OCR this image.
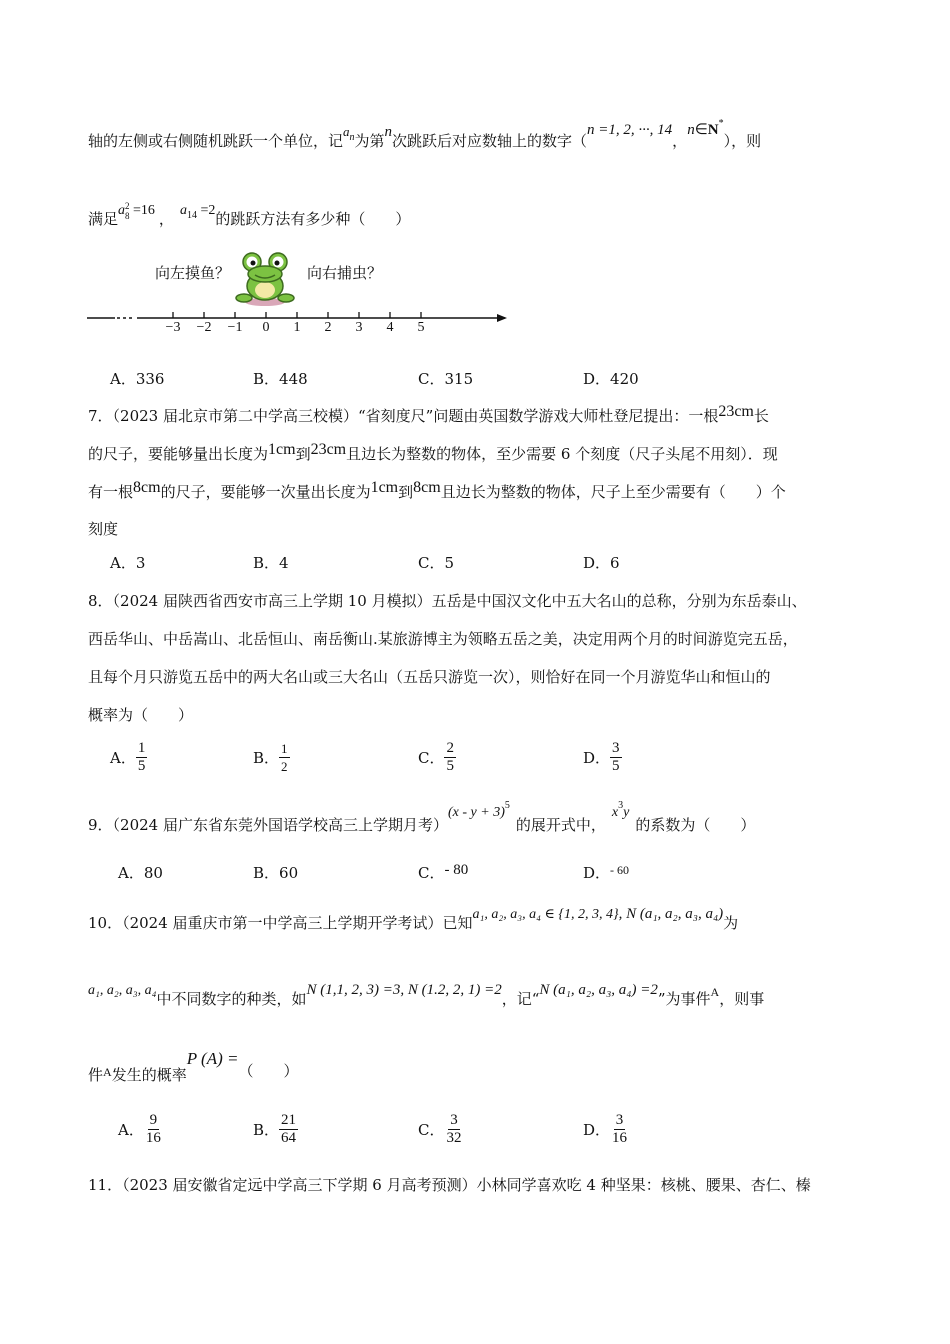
轴的左侧或右侧随机跳跃一个单位，记$a^n$为第n次跳跃后对应数轴上的数字（n =1, 2, ···, 14，n∈N*），则
满足a 2
8 =16 ， $a_{14} =2$的跳跃方法有多少种（　　）
向左摸鱼？	向右捕虫？
−3 −2 −1	0	1	2	3	4	5
A．336	B．448	C．315	D．420
7．（2023 届北京市第二中学高三校模）“省刻度尺”问题由英国数学游戏大师杜登尼提出：一根23cm长
的尺子，要能够量出长度为1cm到23cm且边长为整数的物体，至少需要 6 个刻度（尺子头尾不用刻）．现
有一根8cm的尺子，要能够一次量出长度为1cm到8cm且边长为整数的物体，尺子上至少需要有（　　）个
刻度
A．3	B．4	C．5	D．6
8．（2024 届陕西省西安市高三上学期 10 月模拟）五岳是中国汉文化中五大名山的总称，分别为东岳泰山、
西岳华山、中岳嵩山、北岳恒山、南岳衡山.某旅游博主为领略五岳之美，决定用两个月的时间游览完五岳，
且每个月只游览五岳中的两大名山或三大名山（五岳只游览一次），则恰好在同一个月游览华山和恒山的
概率为（　　）
A． $\frac{1}{5}$	B． $\frac{1}{2}$	C． $\frac{2}{5}$	D． $\frac{3}{5}$
9．（2024 届广东省东莞外国语学校高三上学期月考）$(x - y + 3)^5$的展开式中，$x^3y$的系数为（　　）
A．80	B．60	C．- 80	D．$^{- 60}$
10．（2024 届重庆市第一中学高三上学期开学考试）已知a₁, a₂, a₃, a₄ ∈ {1, 2, 3, 4}, N (a₁, a₂, a₃, a₄)为
a₁, a₂, a₃, a₄中不同数字的种类，如N (1,1, 2, 3) =3, N (1.2, 2, 1) =2，记“N (a₁, a₂, a₃, a₄) =2”为事件$^A$，则事
件$^A$发生的概率P (A) =（　　）
A． $\frac{9}{16}$	B． $\frac{21}{64}$	C． $\frac{3}{32}$	D． $\frac{3}{16}$
11．（2023 届安徽省定远中学高三下学期 6 月高考预测）小林同学喜欢吃 4 种坚果：核桃、腰果、杏仁、榛
